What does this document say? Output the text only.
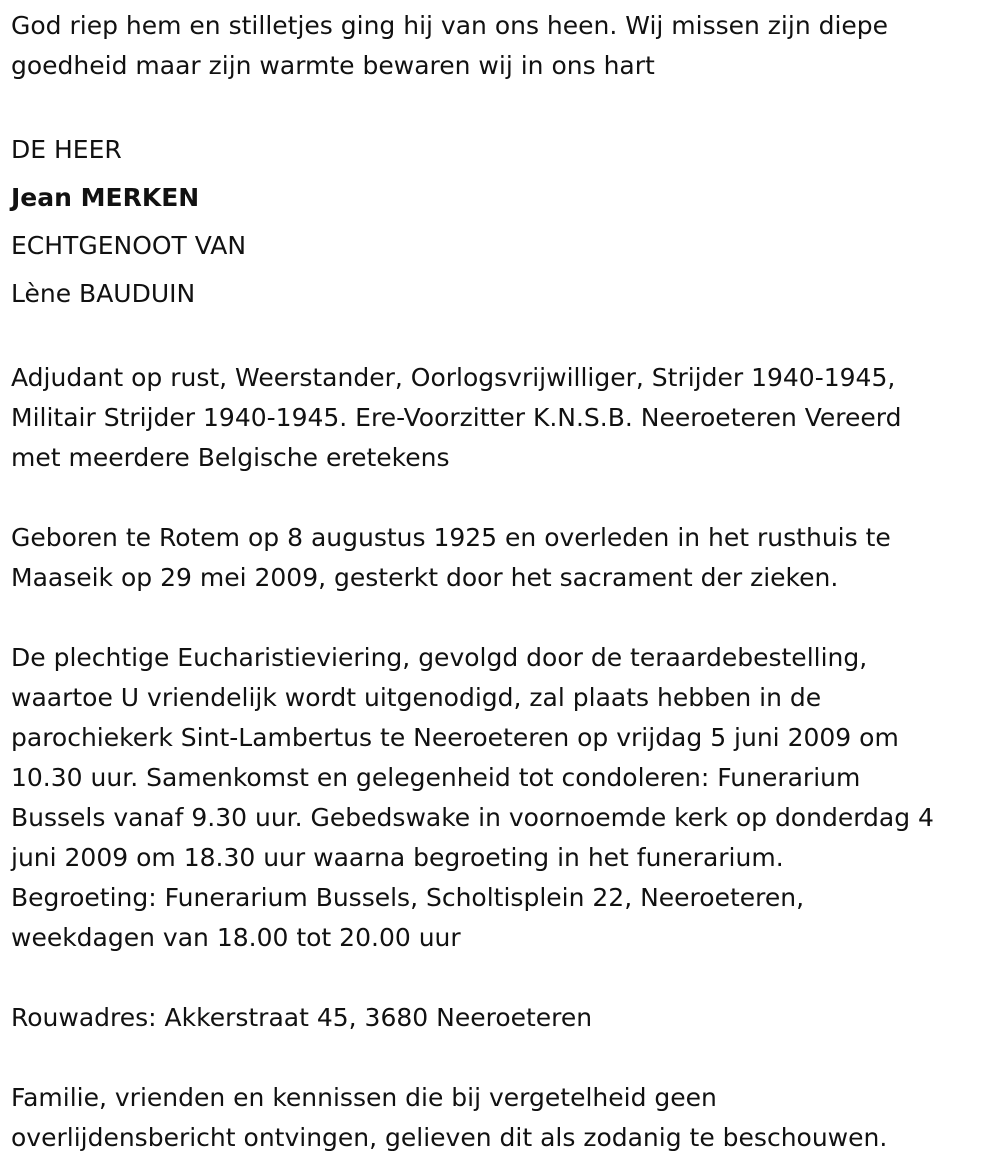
God riep hem en stilletjes ging hij van ons heen. Wij missen zijn diepe
goedheid maar zijn warmte bewaren wij in ons hart
DE HEER
Jean MERKEN
ECHTGENOOT VAN
Lène BAUDUIN
Adjudant op rust, Weerstander, Oorlogsvrijwilliger, Strijder 1940-1945,
Militair Strijder 1940-1945. Ere-Voorzitter K.N.S.B. Neeroeteren Vereerd
met meerdere Belgische eretekens
Geboren te Rotem op 8 augustus 1925 en overleden in het rusthuis te
Maaseik op 29 mei 2009, gesterkt door het sacrament der zieken.
De plechtige Eucharistieviering, gevolgd door de teraardebestelling,
waartoe U vriendelijk wordt uitgenodigd, zal plaats hebben in de
parochiekerk Sint-Lambertus te Neeroeteren op vrijdag 5 juni 2009 om
10.30 uur. Samenkomst en gelegenheid tot condoleren: Funerarium
Bussels vanaf 9.30 uur. Gebedswake in voornoemde kerk op donderdag 4
juni 2009 om 18.30 uur waarna begroeting in het funerarium.
Begroeting: Funerarium Bussels, Scholtisplein 22, Neeroeteren,
weekdagen van 18.00 tot 20.00 uur
Rouwadres: Akkerstraat 45, 3680 Neeroeteren
Familie, vrienden en kennissen die bij vergetelheid geen
overlijdensbericht ontvingen, gelieven dit als zodanig te beschouwen.
